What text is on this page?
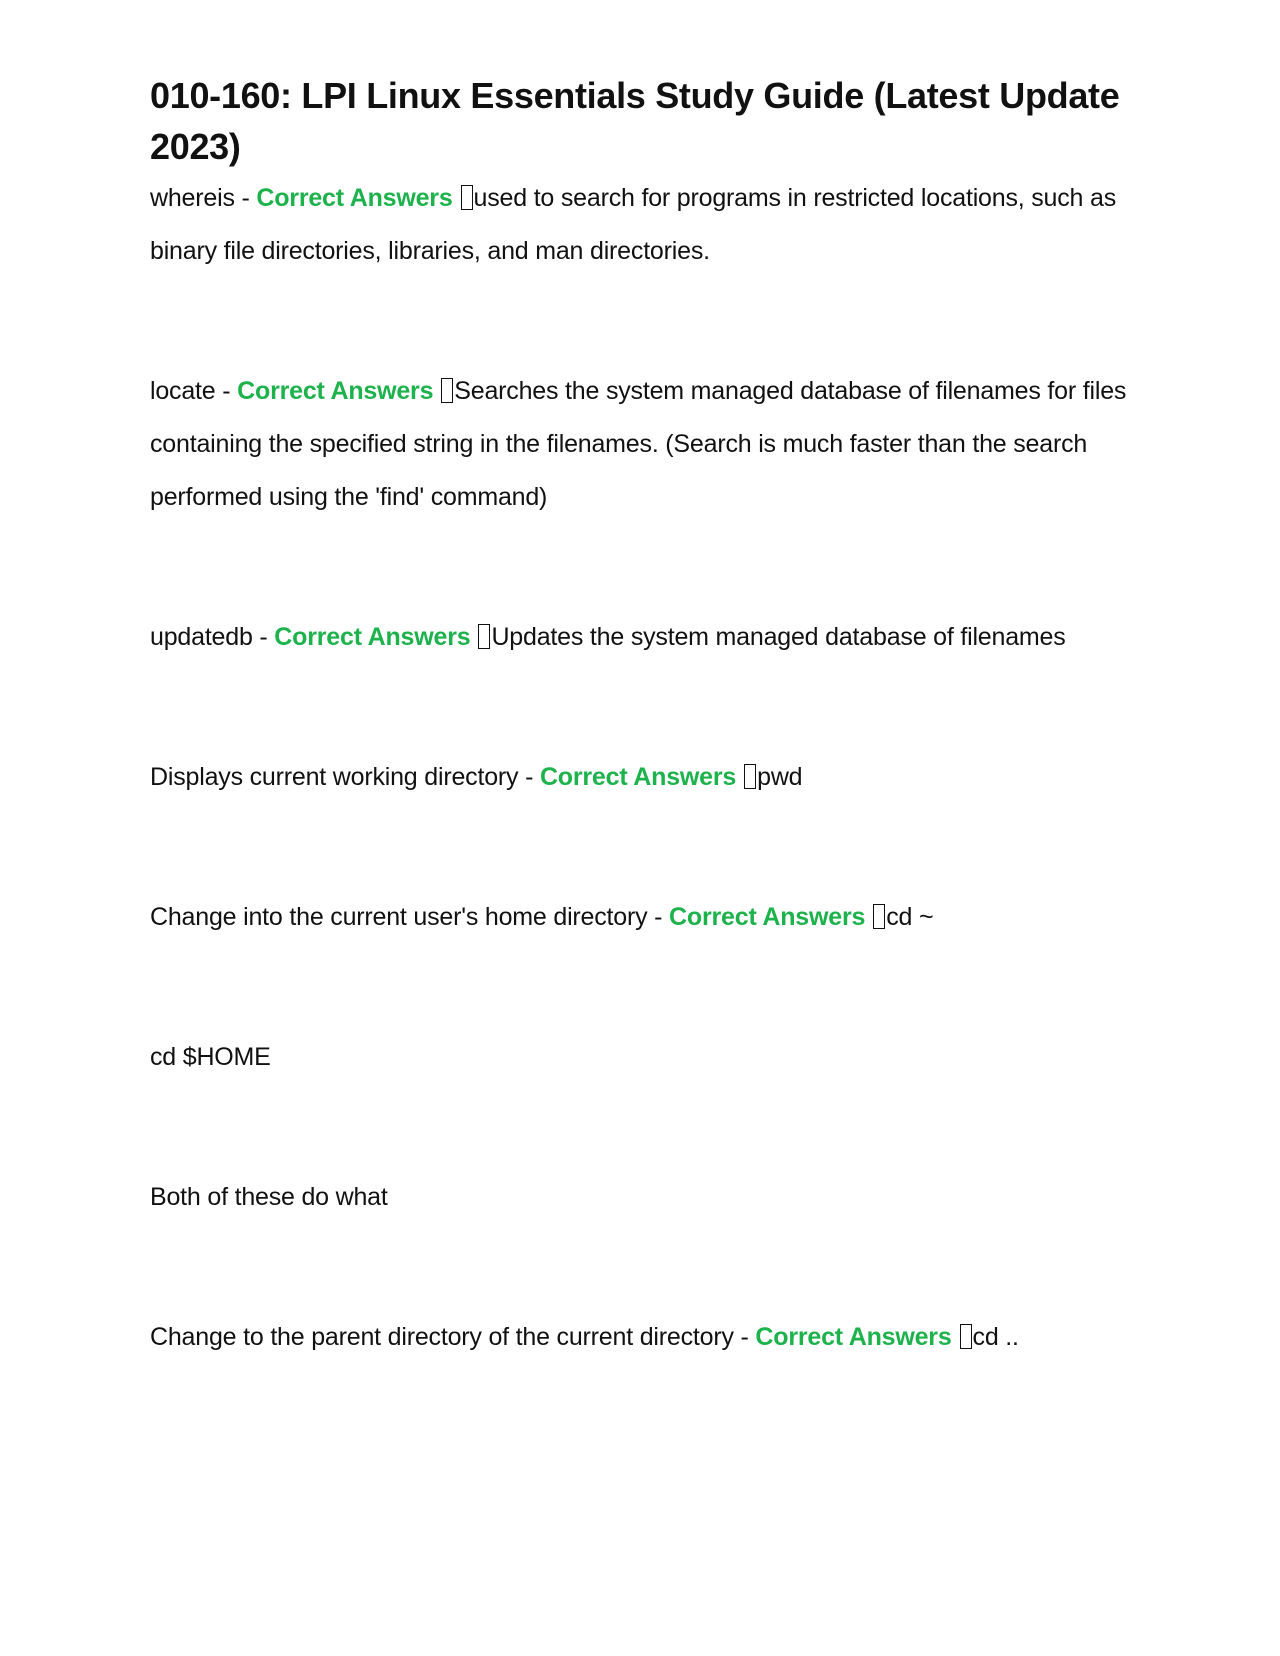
010-160: LPI Linux Essentials Study Guide (Latest Update 2023)

whereis - Correct Answers used to search for programs in restricted locations, such as binary file directories, libraries, and man directories.

locate - Correct Answers Searches the system managed database of filenames for files containing the specified string in the filenames. (Search is much faster than the search performed using the 'find' command)

updatedb - Correct Answers Updates the system managed database of filenames

Displays current working directory - Correct Answers pwd

Change into the current user's home directory - Correct Answers cd ~

cd $HOME

Both of these do what

Change to the parent directory of the current directory - Correct Answers cd ..
